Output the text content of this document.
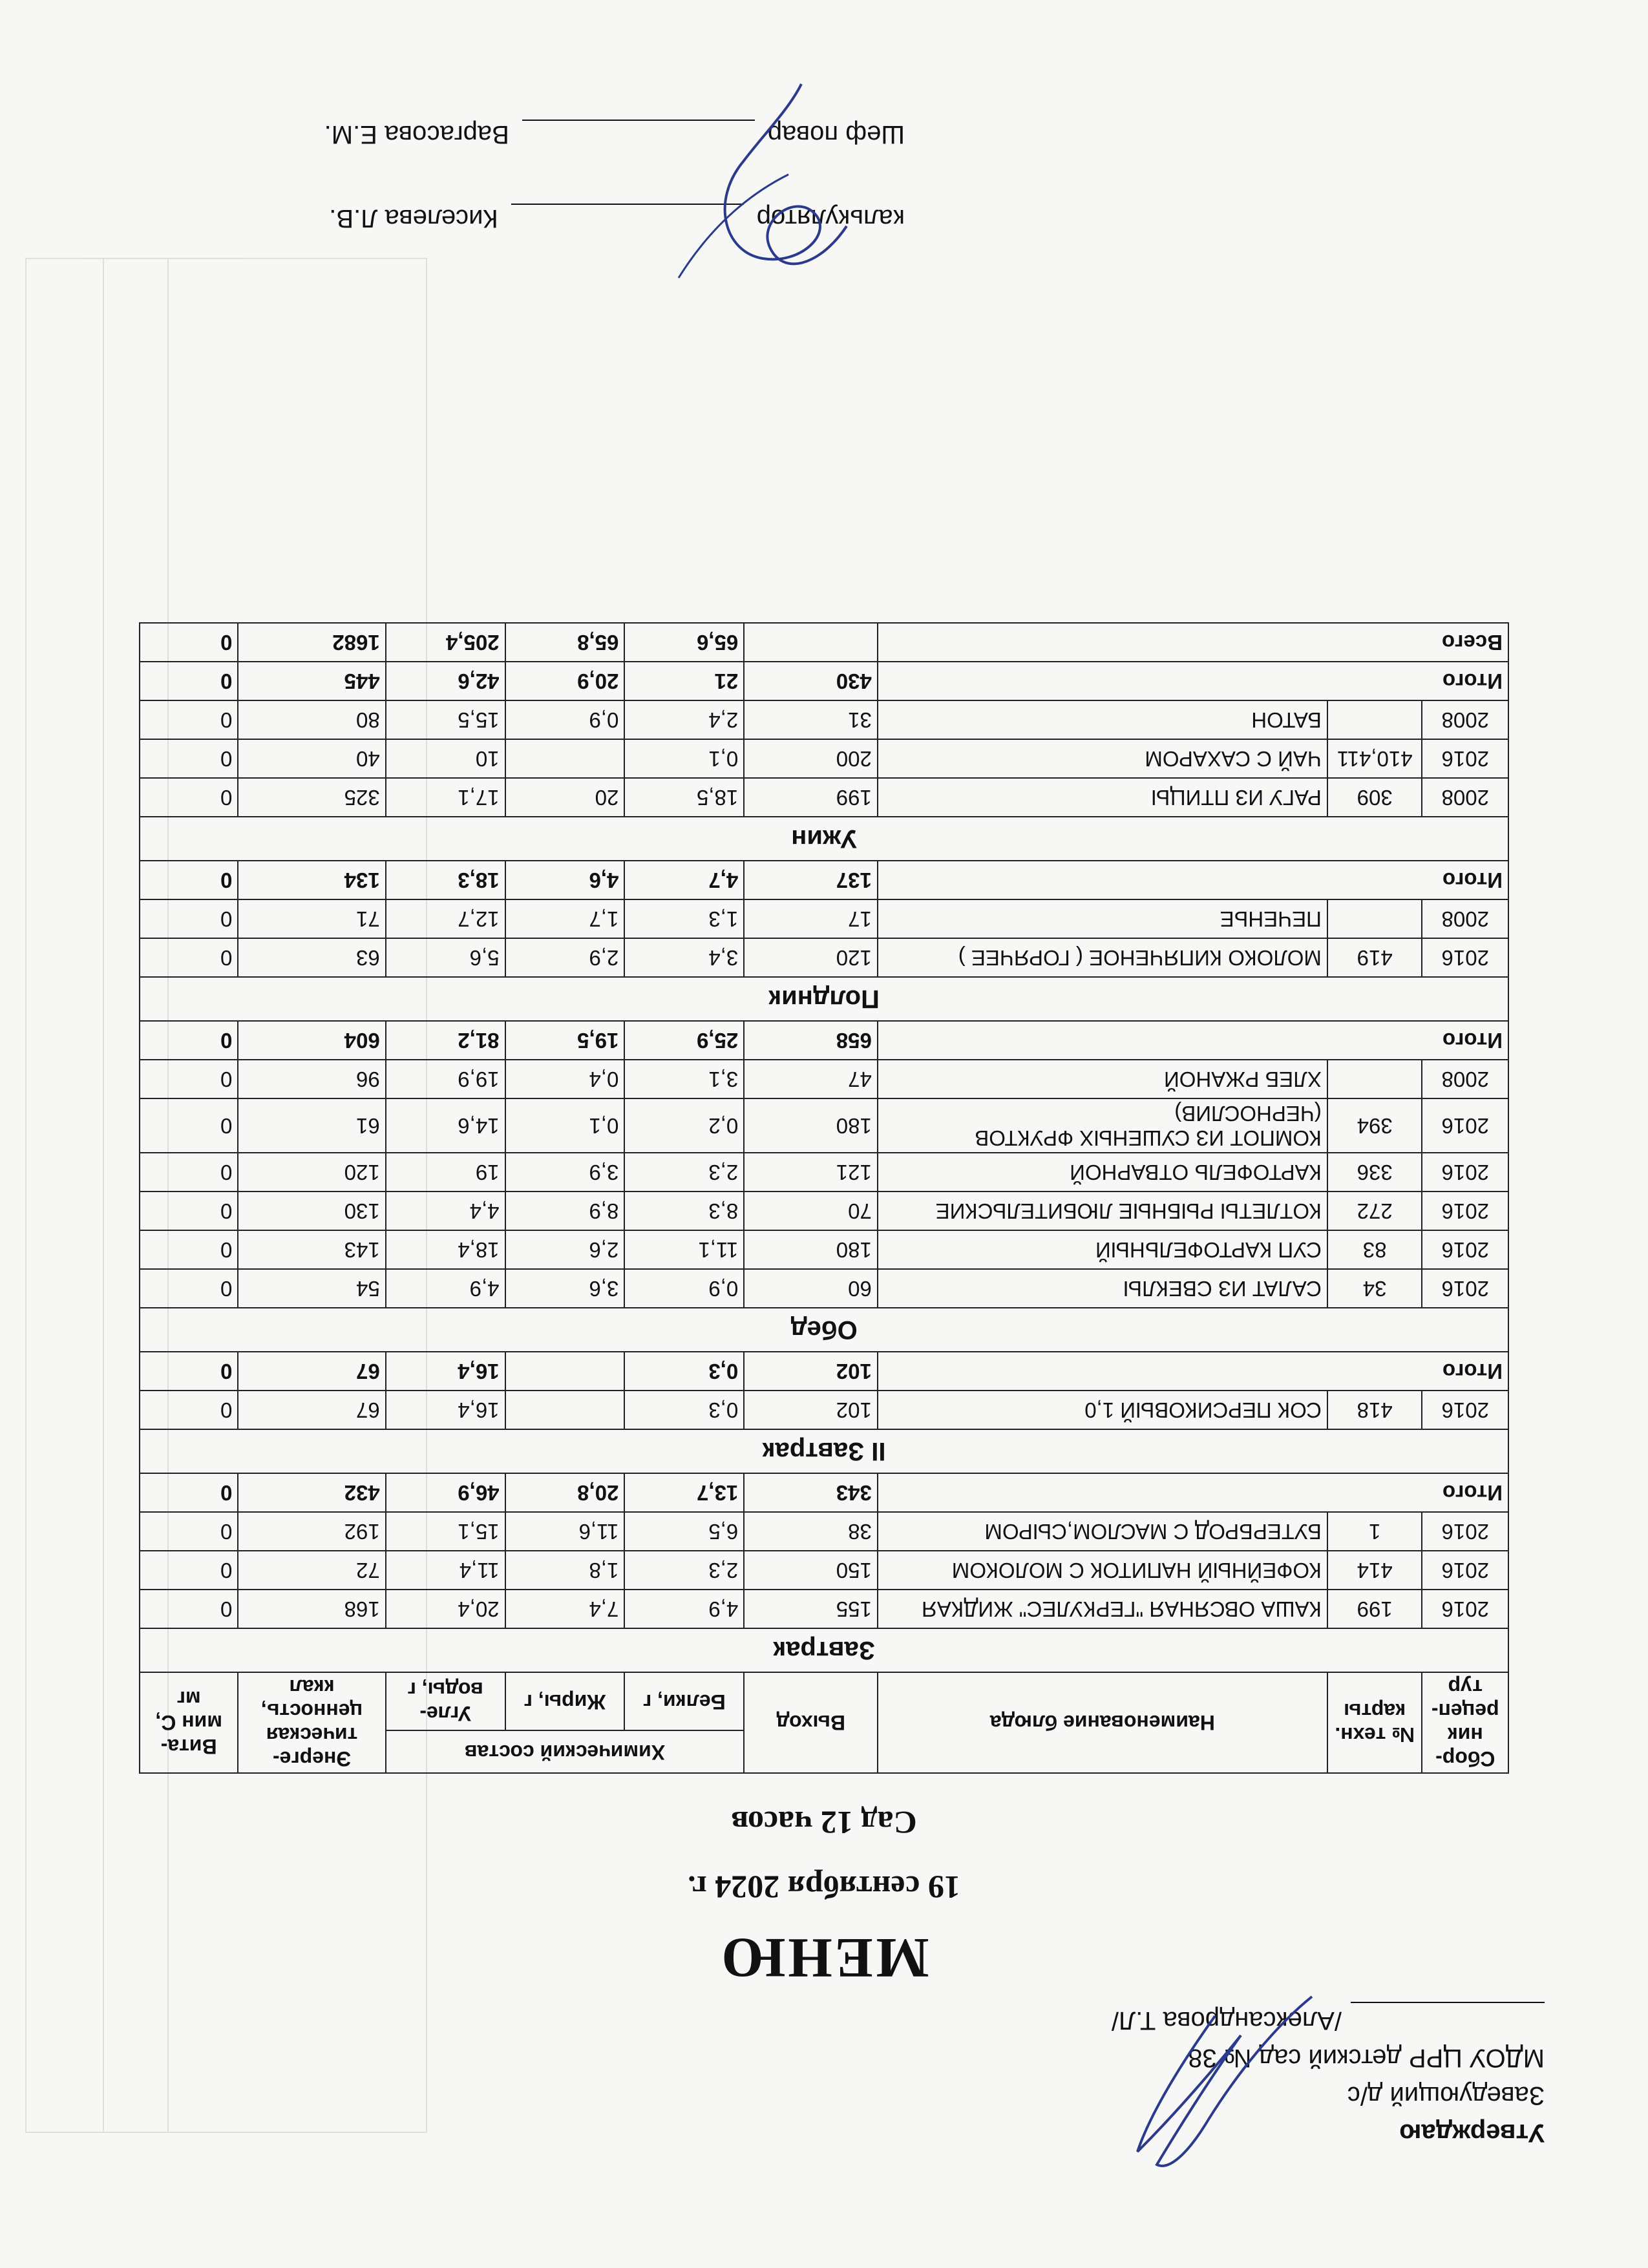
Утверждаю
Заведующий д/с
МДОУ ЦРР детский сад № 38
/Александрова Т.Л/
МЕНЮ
19 сентября 2024 г.
Сад 12 часов
Сбор-ник рецеп-тур	№ техн. карты	Наименование блюда	Выход	Химический состав			Энерге-тическая ценность, ккал	Вита-мин С, мг
				Белки, г	Жиры, г	Угле-воды, г		
Завтрак								
2016	199	КАША ОВСЯНАЯ "ГЕРКУЛЕС" ЖИДКАЯ	155	4,9	7,4	20,4	168	0
2016	414	КОФЕЙНЫЙ НАПИТОК С МОЛОКОМ	150	2,3	1,8	11,4	72	0
2016	1	БУТЕРБРОД С МАСЛОМ,СЫРОМ	38	6,5	11,6	15,1	192	0
Итого			343	13,7	20,8	46,9	432	0
II Завтрак								
2016	418	СОК ПЕРСИКОВЫЙ 1,0	102	0,3		16,4	67	0
Итого			102	0,3		16,4	67	0
Обед								
2016	34	САЛАТ ИЗ СВЕКЛЫ	60	0,9	3,6	4,9	54	0
2016	83	СУП КАРТОФЕЛЬНЫЙ	180	11,1	2,6	18,4	143	0
2016	272	КОТЛЕТЫ РЫБНЫЕ ЛЮБИТЕЛЬСКИЕ	70	8,3	8,9	4,4	130	0
2016	336	КАРТОФЕЛЬ ОТВАРНОЙ	121	2,3	3,9	19	120	0
2016	394	КОМПОТ ИЗ СУШЕНЫХ ФРУКТОВ (ЧЕРНОСЛИВ)	180	0,2	0,1	14,6	61	0
2008		ХЛЕБ РЖАНОЙ	47	3,1	0,4	19,9	96	0
Итого			658	25,9	19,5	81,2	604	0
Полдник								
2016	419	МОЛОКО КИПЯЧЕНОЕ ( ГОРЯЧЕЕ )	120	3,4	2,9	5,6	63	0
2008		ПЕЧЕНЬЕ	17	1,3	1,7	12,7	71	0
Итого			137	4,7	4,6	18,3	134	0
Ужин								
2008	309	РАГУ ИЗ ПТИЦЫ	199	18,5	20	17,1	325	0
2016	410,411	ЧАЙ С САХАРОМ	200	0,1		10	40	0
2008		БАТОН	31	2,4	0,9	15,5	80	0
Итого			430	21	20,9	42,6	445	0
Всего				65,6	65,8	205,4	1682	0
калькуляторКиселева Л.В.
Шеф поварВаргасова Е.М.
